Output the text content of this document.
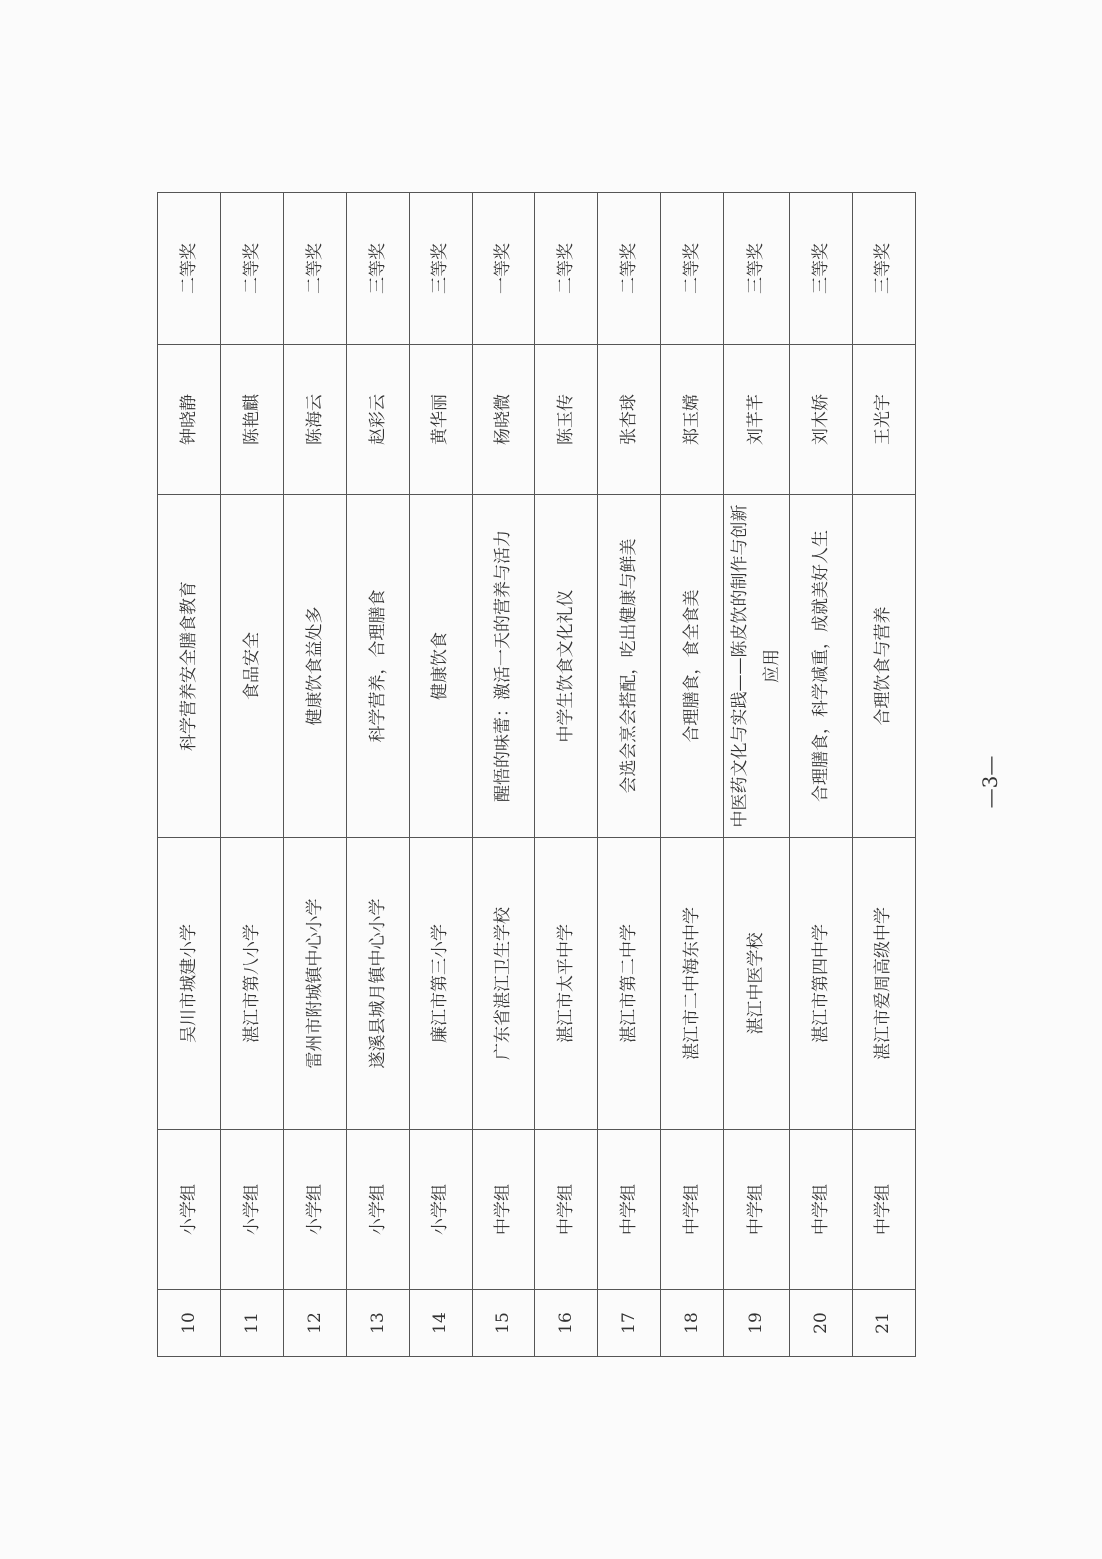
10	小学组	吴川市城建小学	科学营养安全膳食教育	钟晓静	二等奖
11	小学组	湛江市第八小学	食品安全	陈艳麒	二等奖
12	小学组	雷州市附城镇中心小学	健康饮食益处多	陈海云	二等奖
13	小学组	遂溪县城月镇中心小学	科学营养，合理膳食	赵彩云	三等奖
14	小学组	廉江市第三小学	健康饮食	黄华丽	三等奖
15	中学组	广东省湛江卫生学校	醒悟的味蕾：激活一天的营养与活力	杨晓微	一等奖
16	中学组	湛江市太平中学	中学生饮食文化礼仪	陈玉传	二等奖
17	中学组	湛江市第二中学	会选会烹会搭配，吃出健康与鲜美	张杏球	二等奖
18	中学组	湛江市二中海东中学	合理膳食，食全食美	郑玉嫦	二等奖
19	中学组	湛江中医学校	中医药文化与实践——陈皮饮的制作与创新应用	刘芊芊	三等奖
20	中学组	湛江市第四中学	合理膳食，科学减重，成就美好人生	刘木娇	三等奖
21	中学组	湛江市爱周高级中学	合理饮食与营养	王光宇	三等奖
—3—
